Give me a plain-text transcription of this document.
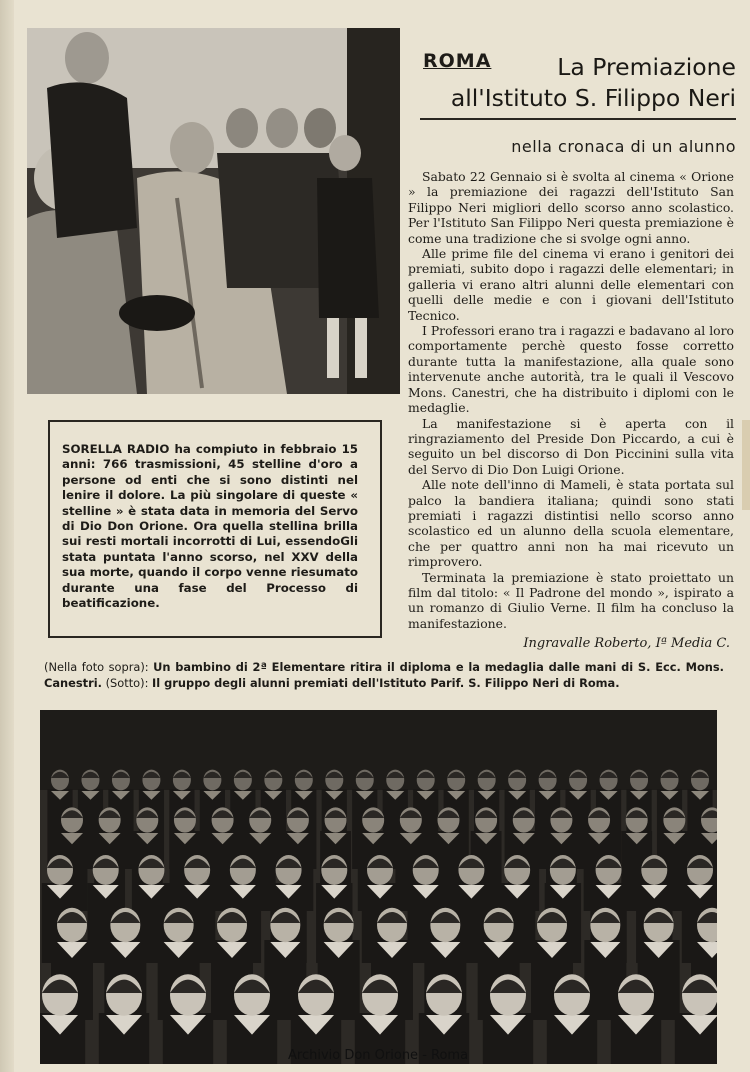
ROMA	La Premiazione
all'Istituto S. Filippo Neri
nella cronaca di un alunno

Sabato 22 Gennaio si è svolta al cinema « Orione » la premiazione dei ragazzi dell'Istituto San Filippo Neri migliori dello scorso anno scolastico. Per l'Istituto San Filippo Neri questa premiazione è come una tradizione che si svolge ogni anno.

Alle prime file del cinema vi erano i genitori dei premiati, subito dopo i ragazzi delle elementari; in galleria vi erano altri alunni delle elementari con quelli delle medie e con i giovani dell'Istituto Tecnico.

I Professori erano tra i ragazzi e badavano al loro comportamente perchè questo fosse corretto durante tutta la manifestazione, alla quale sono intervenute anche autorità, tra le quali il Vescovo Mons. Canestri, che ha distribuito i diplomi con le medaglie.

La manifestazione si è aperta con il ringraziamento del Preside Don Piccardo, a cui è seguito un bel discorso di Don Piccinini sulla vita del Servo di Dio Don Luigi Orione.

Alle note dell'inno di Mameli, è stata portata sul palco la bandiera italiana; quindi sono stati premiati i ragazzi distintisi nello scorso anno scolastico ed un alunno della scuola elementare, che per quattro anni non ha mai ricevuto un rimprovero.

Terminata la premiazione è stato proiettato un film dal titolo: « Il Padrone del mondo », ispirato a un romanzo di Giulio Verne. Il film ha concluso la manifestazione.

Ingravalle Roberto, Iª Media C.
SORELLA RADIO ha compiuto in febbraio 15 anni: 766 trasmissioni, 45 stelline d'oro a persone od enti che si sono distinti nel lenire il dolore. La più singolare di queste « stelline » è stata data in memoria del Servo di Dio Don Orione. Ora quella stellina brilla sui resti mortali incorrotti di Lui, essendoGli stata puntata l'anno scorso, nel XXV della sua morte, quando il corpo venne riesumato durante una fase del Processo di beatificazione.
(Nella foto sopra): Un bambino di 2ª Elementare ritira il diploma e la medaglia dalle mani di S. Ecc. Mons. Canestri. (Sotto): Il gruppo degli alunni premiati dell'Istituto Parif. S. Filippo Neri di Roma.
Archivio Don Orione - Roma
